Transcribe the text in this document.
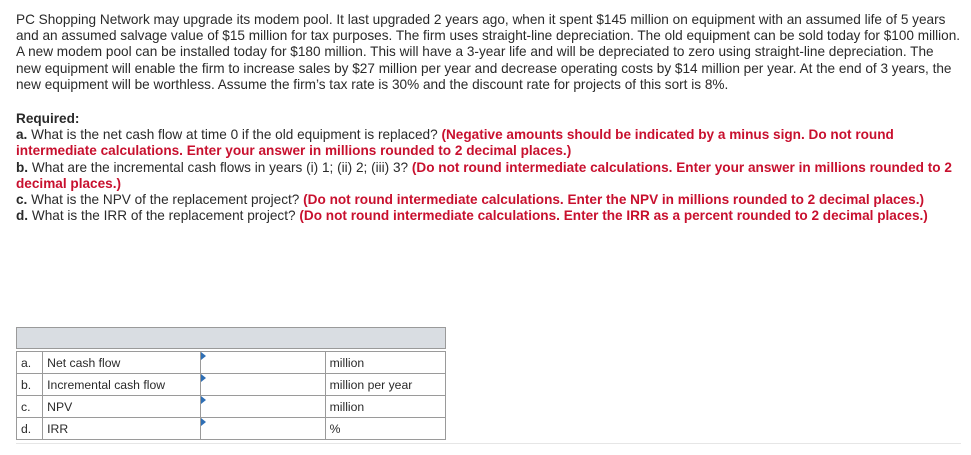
PC Shopping Network may upgrade its modem pool. It last upgraded 2 years ago, when it spent $145 million on equipment with an assumed life of 5 years and an assumed salvage value of $15 million for tax purposes. The firm uses straight-line depreciation. The old equipment can be sold today for $100 million. A new modem pool can be installed today for $180 million. This will have a 3-year life and will be depreciated to zero using straight-line depreciation. The new equipment will enable the firm to increase sales by $27 million per year and decrease operating costs by $14 million per year. At the end of 3 years, the new equipment will be worthless. Assume the firm’s tax rate is 30% and the discount rate for projects of this sort is 8%.

Required:

a. What is the net cash flow at time 0 if the old equipment is replaced? (Negative amounts should be indicated by a minus sign. Do not round intermediate calculations. Enter your answer in millions rounded to 2 decimal places.)

b. What are the incremental cash flows in years (i) 1; (ii) 2; (iii) 3? (Do not round intermediate calculations. Enter your answer in millions rounded to 2 decimal places.)

c. What is the NPV of the replacement project? (Do not round intermediate calculations. Enter the NPV in millions rounded to 2 decimal places.)

d. What is the IRR of the replacement project? (Do not round intermediate calculations. Enter the IRR as a percent rounded to 2 decimal places.)

a.	Net cash flow		million
b.	Incremental cash flow		million per year
c.	NPV		million
d.	IRR		%
